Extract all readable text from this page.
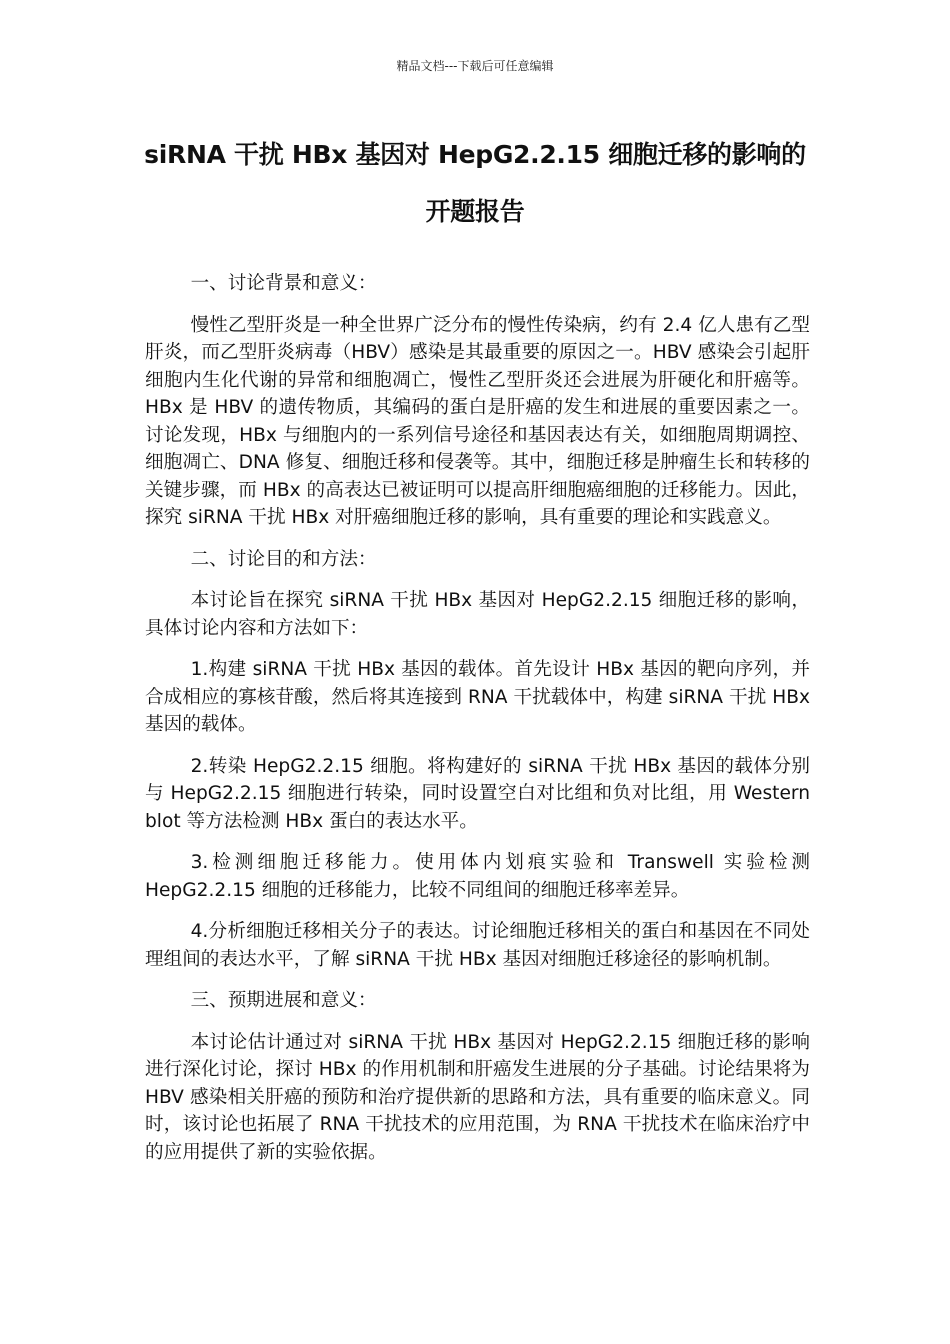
精品文档---下载后可任意编辑
siRNA 干扰 HBx 基因对 HepG2.2.15 细胞迁移的影响的开题报告

一、讨论背景和意义：

慢性乙型肝炎是一种全世界广泛分布的慢性传染病，约有 2.4 亿人患有乙型肝炎，而乙型肝炎病毒（HBV）感染是其最重要的原因之一。HBV 感染会引起肝细胞内生化代谢的异常和细胞凋亡，慢性乙型肝炎还会进展为肝硬化和肝癌等。HBx 是 HBV 的遗传物质，其编码的蛋白是肝癌的发生和进展的重要因素之一。讨论发现，HBx 与细胞内的一系列信号途径和基因表达有关，如细胞周期调控、细胞凋亡、DNA 修复、细胞迁移和侵袭等。其中，细胞迁移是肿瘤生长和转移的关键步骤，而 HBx 的高表达已被证明可以提高肝细胞癌细胞的迁移能力。因此，探究 siRNA 干扰 HBx 对肝癌细胞迁移的影响，具有重要的理论和实践意义。

二、讨论目的和方法：

本讨论旨在探究 siRNA 干扰 HBx 基因对 HepG2.2.15 细胞迁移的影响，具体讨论内容和方法如下：

1.构建 siRNA 干扰 HBx 基因的载体。首先设计 HBx 基因的靶向序列，并合成相应的寡核苷酸，然后将其连接到 RNA 干扰载体中，构建 siRNA 干扰 HBx 基因的载体。

2.转染 HepG2.2.15 细胞。将构建好的 siRNA 干扰 HBx 基因的载体分别与 HepG2.2.15 细胞进行转染，同时设置空白对比组和负对比组，用 Western blot 等方法检测 HBx 蛋白的表达水平。

3.检测细胞迁移能力。使用体内划痕实验和 Transwell 实验检测 HepG2.2.15 细胞的迁移能力，比较不同组间的细胞迁移率差异。

4.分析细胞迁移相关分子的表达。讨论细胞迁移相关的蛋白和基因在不同处理组间的表达水平，了解 siRNA 干扰 HBx 基因对细胞迁移途径的影响机制。

三、预期进展和意义：

本讨论估计通过对 siRNA 干扰 HBx 基因对 HepG2.2.15 细胞迁移的影响进行深化讨论，探讨 HBx 的作用机制和肝癌发生进展的分子基础。讨论结果将为 HBV 感染相关肝癌的预防和治疗提供新的思路和方法，具有重要的临床意义。同时，该讨论也拓展了 RNA 干扰技术的应用范围，为 RNA 干扰技术在临床治疗中的应用提供了新的实验依据。
